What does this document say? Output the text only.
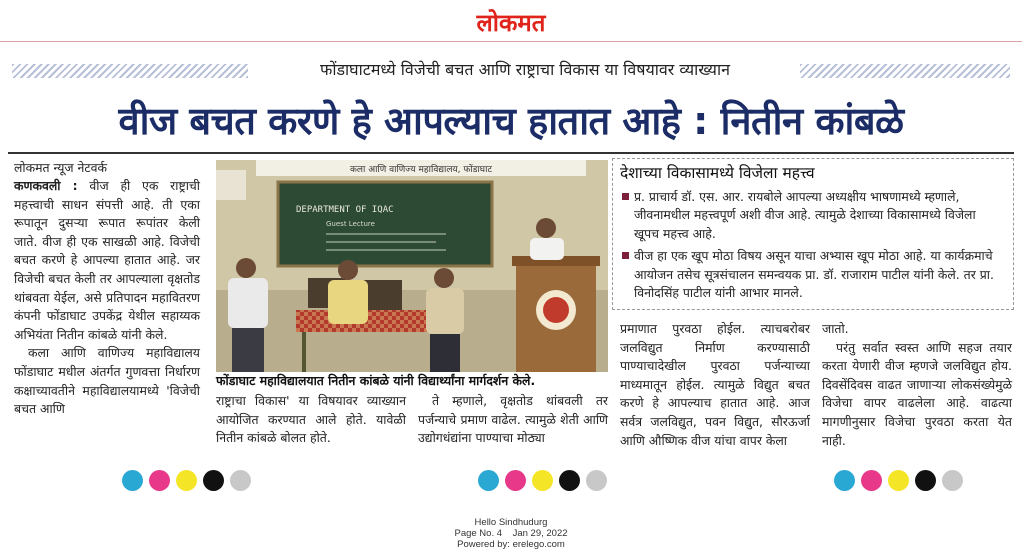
लोकमत
फोंडाघाटमध्ये विजेची बचत आणि राष्ट्राचा विकास या विषयावर व्याख्यान
वीज बचत करणे हे आपल्याच हातात आहे : नितीन कांबळे
लोकमत न्यूज नेटवर्क

कणकवली : वीज ही एक राष्ट्राची महत्त्वाची साधन संपत्ती आहे. ती एका रूपातून दुसऱ्या रूपात रूपांतर केली जाते. वीज ही एक साखळी आहे. विजेची बचत करणे हे आपल्या हातात आहे. जर विजेची बचत केली तर आपल्याला वृक्षतोड थांबवता येईल, असे प्रतिपादन महावितरण कंपनी फोंडाघाट उपकेंद्र येथील सहाय्यक अभियंता नितीन कांबळे यांनी केले.

कला आणि वाणिज्य महाविद्यालय फोंडाघाट मधील अंतर्गत गुणवत्ता निर्धारण कक्षाच्यावतीने महाविद्यालयामध्ये 'विजेची बचत आणि

कला आणि वाणिज्य महाविद्यालय, फोंडाघाट
DEPARTMENT OF IQAC
Guest Lecture
फोंडाघाट महाविद्यालयात नितीन कांबळे यांनी विद्यार्थ्यांना मार्गदर्शन केले.
राष्ट्राचा विकास' या विषयावर व्याख्यान आयोजित करण्यात आले होते. यावेळी नितीन कांबळे बोलत होते.
ते म्हणाले, वृक्षतोड थांबवली तर पर्जन्याचे प्रमाण वाढेल. त्यामुळे शेती आणि उद्योगधंद्यांना पाण्याचा मोठ्या
देशाच्या विकासामध्ये विजेला महत्त्व
प्र. प्राचार्य डॉ. एस. आर. रायबोले आपल्या अध्यक्षीय भाषणामध्ये म्हणाले, जीवनामधील महत्त्वपूर्ण अशी वीज आहे. त्यामुळे देशाच्या विकासामध्ये विजेला खूपच महत्त्व आहे.
वीज हा एक खूप मोठा विषय असून याचा अभ्यास खूप मोठा आहे. या कार्यक्रमाचे आयोजन तसेच सूत्रसंचालन समन्वयक प्रा. डॉ. राजाराम पाटील यांनी केले. तर प्रा. विनोदसिंह पाटील यांनी आभार मानले.
प्रमाणात पुरवठा होईल. त्याचबरोबर जलविद्युत निर्माण करण्यासाठी पाण्याचादेखील पुरवठा पर्जन्याच्या माध्यमातून होईल. त्यामुळे विद्युत बचत करणे हे आपल्याच हातात आहे. आज सर्वत्र जलविद्युत, पवन विद्युत, सौरऊर्जा आणि औष्णिक वीज यांचा वापर केला

जातो.

परंतु सर्वात स्वस्त आणि सहज तयार करता येणारी वीज म्हणजे जलविद्युत होय. दिवसेंदिवस वाढत जाणाऱ्या लोकसंख्येमुळे विजेचा वापर वाढलेला आहे. वाढत्या मागणीनुसार विजेचा पुरवठा करता येत नाही.

Hello Sindhudurg
Page No. 4    Jan 29, 2022
Powered by: erelego.com
